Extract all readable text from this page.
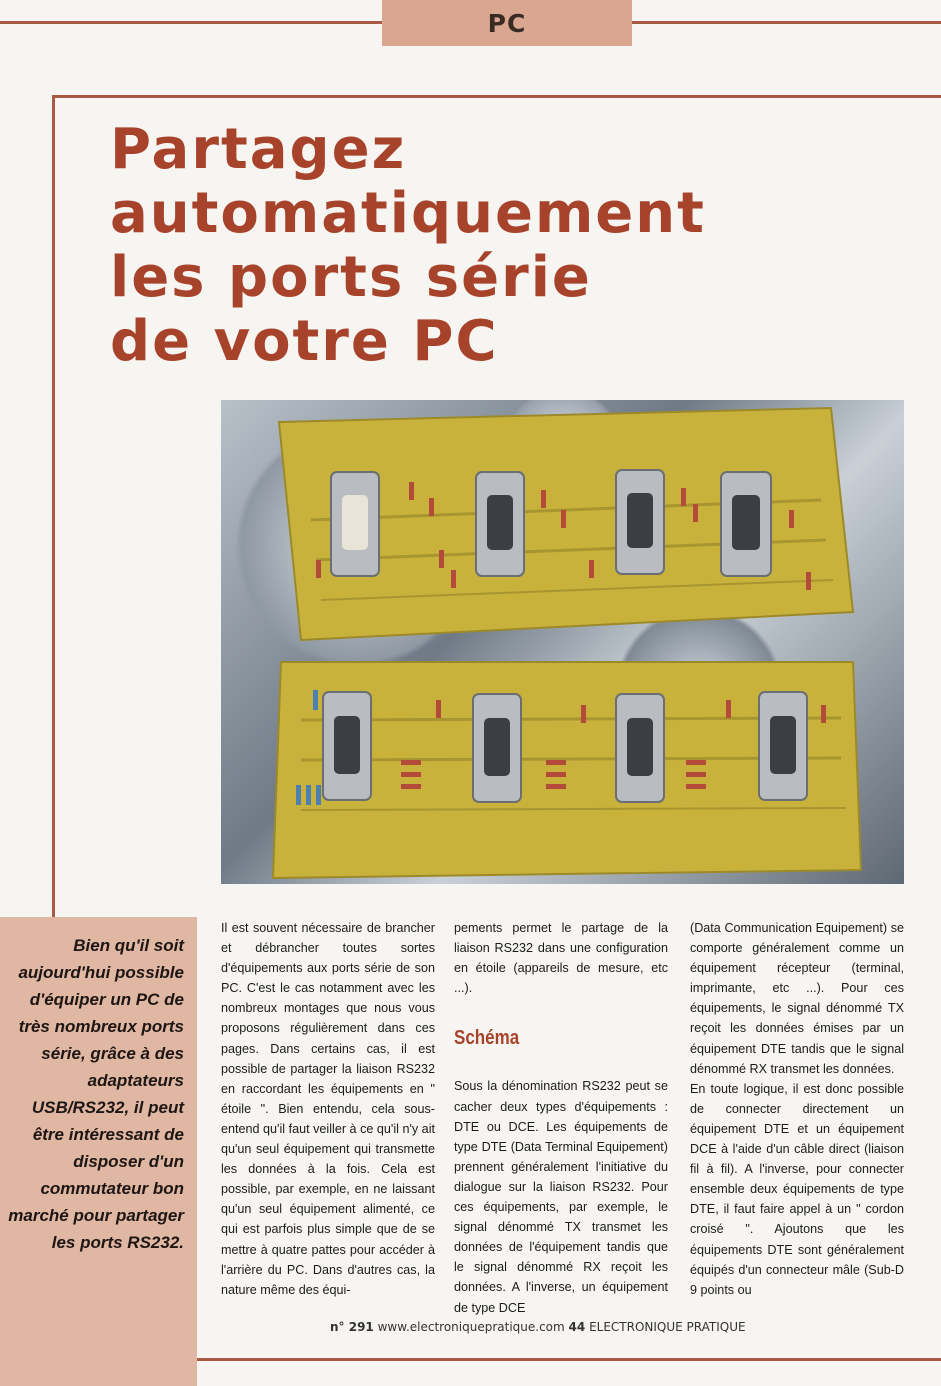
PC
Partagez
automatiquement
les ports série
de votre PC

Bien qu'il soit aujourd'hui possible d'équiper un PC de très nombreux ports série, grâce à des adaptateurs USB/RS232, il peut être intéressant de disposer d'un commutateur bon marché pour partager les ports RS232.

Il est souvent nécessaire de brancher et débrancher toutes sortes d'équipements aux ports série de son PC. C'est le cas notamment avec les nombreux montages que nous vous proposons régulièrement dans ces pages. Dans certains cas, il est possible de partager la liaison RS232 en raccordant les équipements en " étoile ". Bien entendu, cela sous-entend qu'il faut veiller à ce qu'il n'y ait qu'un seul équipement qui transmette les données à la fois. Cela est possible, par exemple, en ne laissant qu'un seul équipement alimenté, ce qui est parfois plus simple que de se mettre à quatre pattes pour accéder à l'arrière du PC. Dans d'autres cas, la nature même des équi-

pements permet le partage de la liaison RS232 dans une configuration en étoile (appareils de mesure, etc ...).

Schéma

Sous la dénomination RS232 peut se cacher deux types d'équipements : DTE ou DCE. Les équipements de type DTE (Data Terminal Equipement) prennent généralement l'initiative du dialogue sur la liaison RS232. Pour ces équipements, par exemple, le signal dénommé TX transmet les données de l'équipement tandis que le signal dénommé RX reçoit les données. A l'inverse, un équipement de type DCE

(Data Communication Equipement) se comporte généralement comme un équipement récepteur (terminal, imprimante, etc ...). Pour ces équipements, le signal dénommé TX reçoit les données émises par un équipement DTE tandis que le signal dénommé RX transmet les données.

En toute logique, il est donc possible de connecter directement un équipement DTE et un équipement DCE à l'aide d'un câble direct (liaison fil à fil). A l'inverse, pour connecter ensemble deux équipements de type DTE, il faut faire appel à un " cordon croisé ". Ajoutons que les équipements DTE sont généralement équipés d'un connecteur mâle (Sub-D 9 points ou

n° 291 www.electroniquepratique.com 44 ELECTRONIQUE PRATIQUE
